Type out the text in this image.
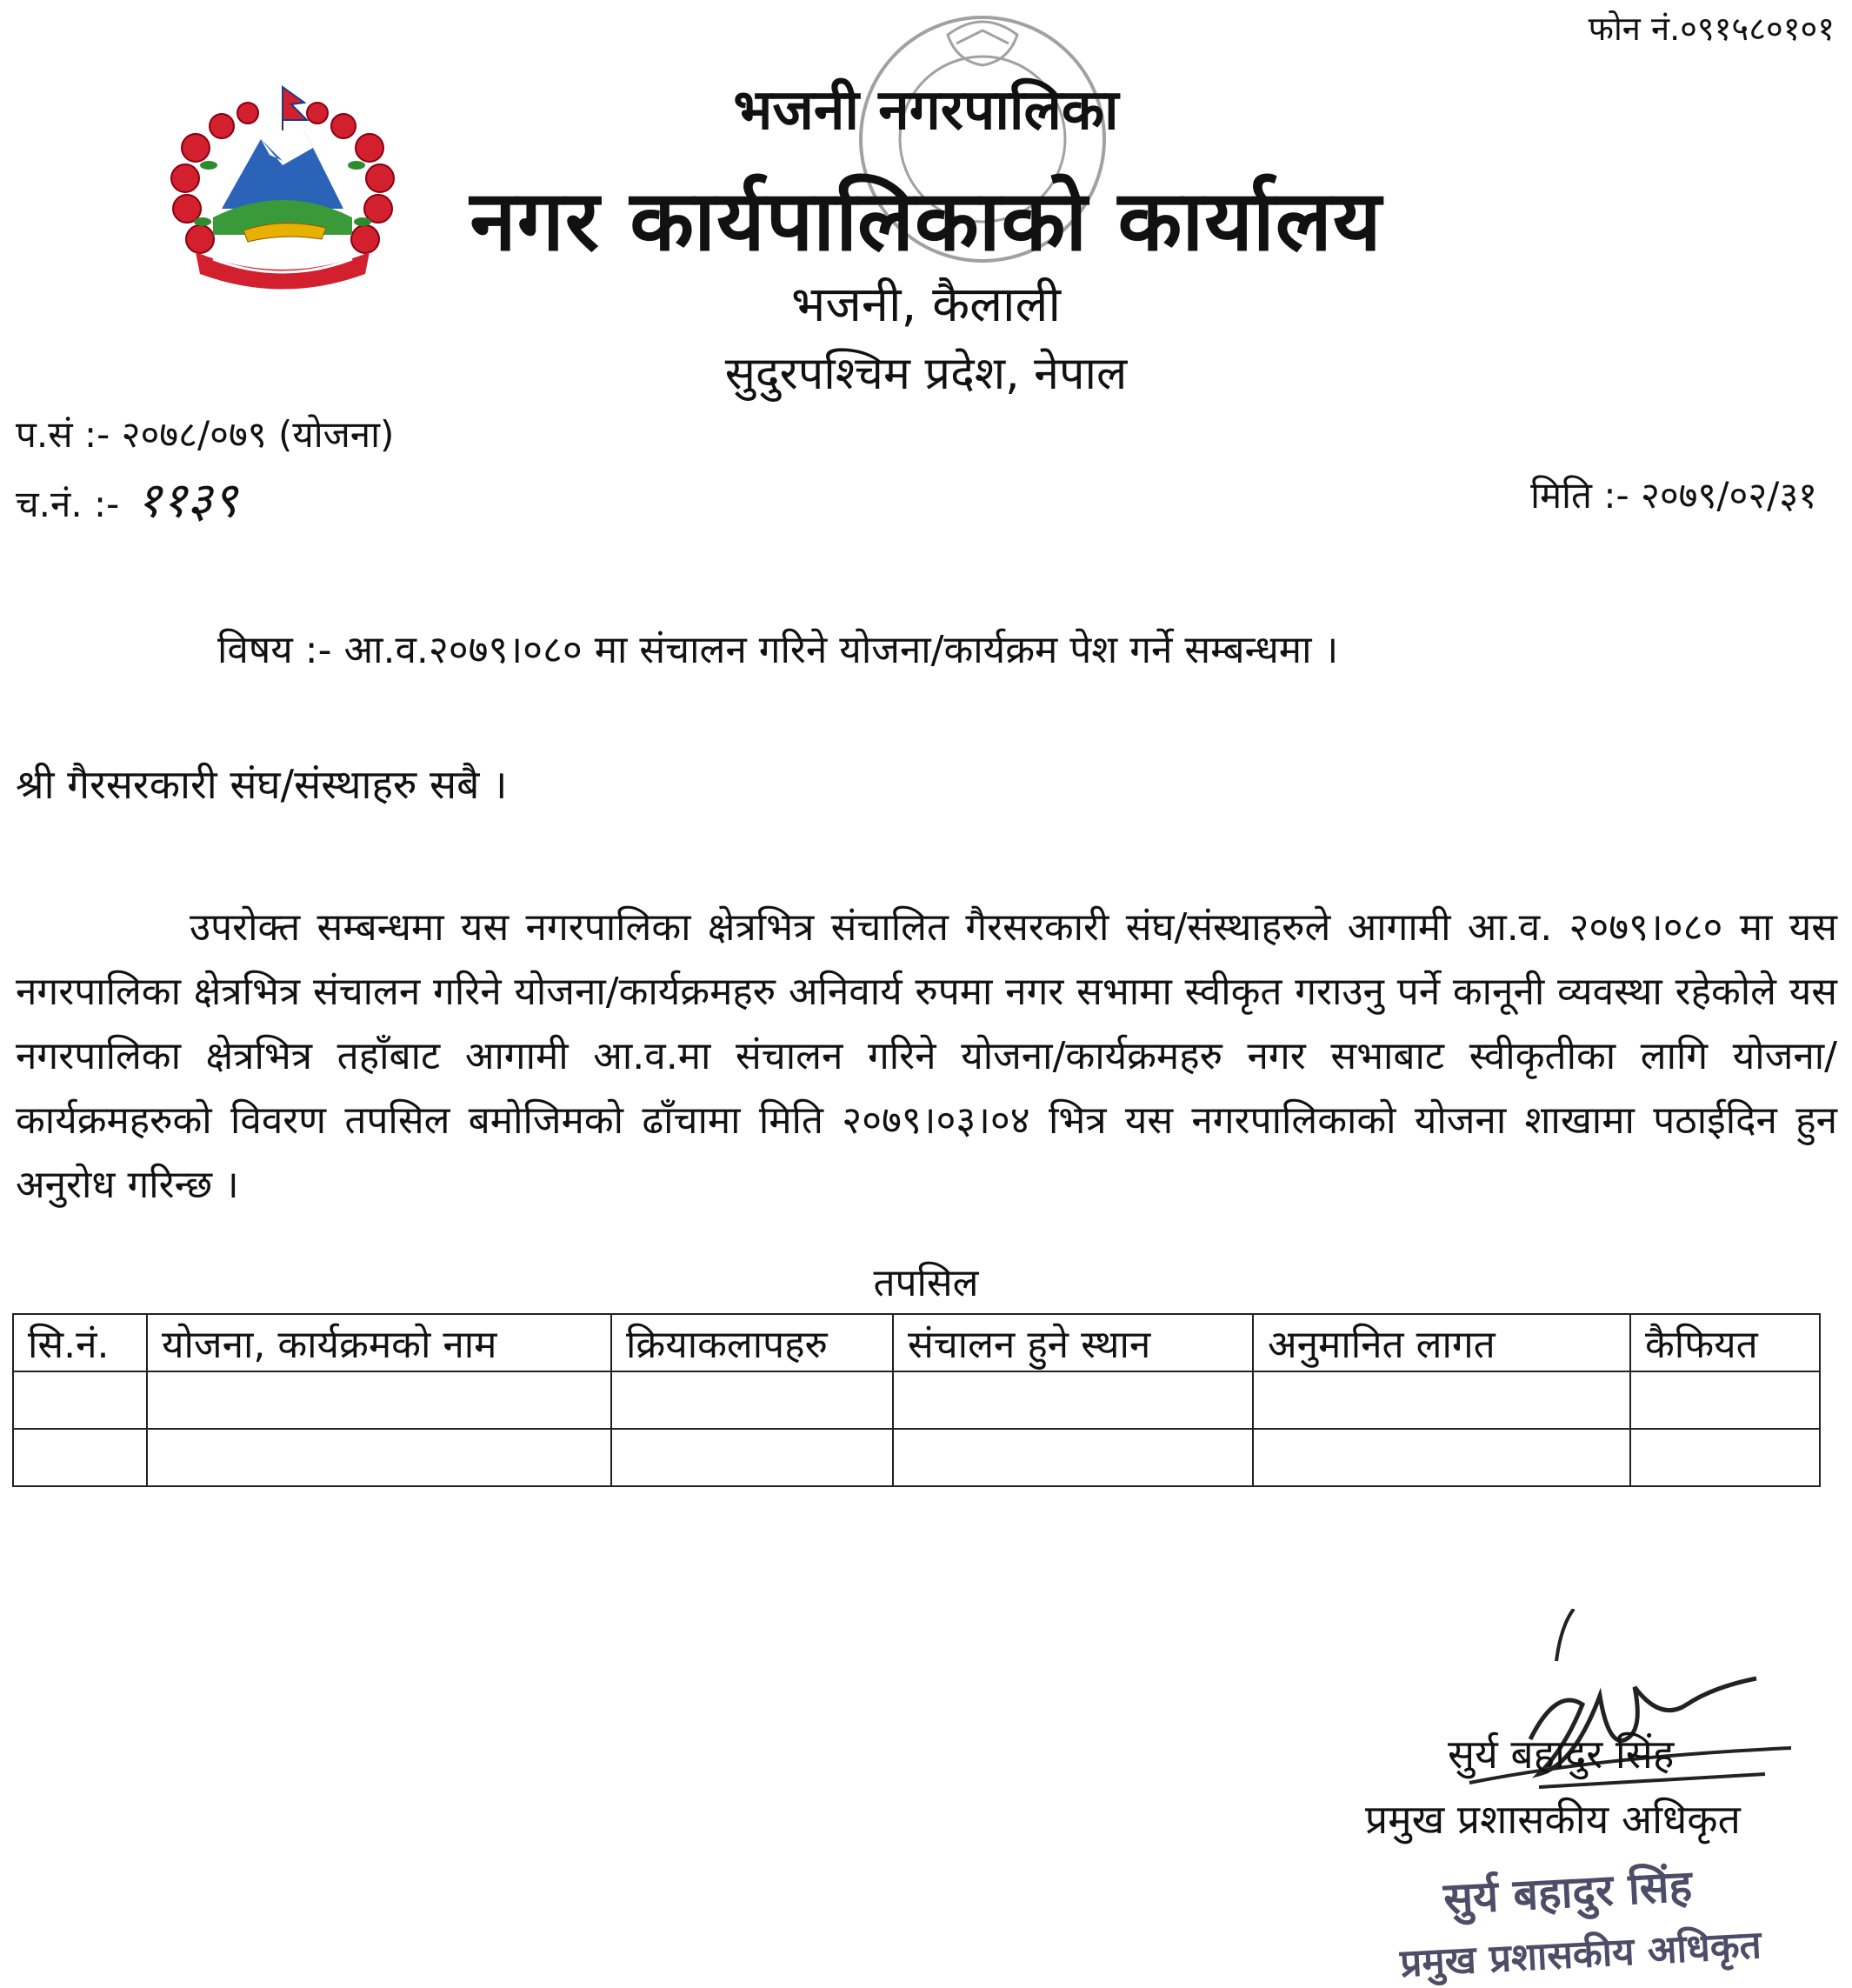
फोन नं.०९१५८०१०१
भजनी नगरपालिका
नगर कार्यपालिकाको कार्यालय
भजनी, कैलाली
सुदुरपश्चिम प्रदेश, नेपाल
प.सं :- २०७८/०७९ (योजना)
च.नं. :- ११३९	मिति :- २०७९/०२/३१
विषय :- आ.व.२०७९।०८० मा संचालन गरिने योजना/कार्यक्रम पेश गर्ने सम्बन्धमा ।
श्री गैरसरकारी संघ/संस्थाहरु सबै ।
उपरोक्त सम्बन्धमा यस नगरपालिका क्षेत्रभित्र संचालित गैरसरकारी संघ/संस्थाहरुले आगामी आ.व. २०७९।०८० मा यस नगरपालिका क्षेत्रभित्र संचालन गरिने योजना/कार्यक्रमहरु अनिवार्य रुपमा नगर सभामा स्वीकृत गराउनु पर्ने कानूनी व्यवस्था रहेकोले यस नगरपालिका क्षेत्रभित्र तहाँबाट आगामी आ.व.मा संचालन गरिने योजना/कार्यक्रमहरु नगर सभाबाट स्वीकृतीका लागि योजना/कार्यक्रमहरुको विवरण तपसिल बमोजिमको ढाँचामा मिति २०७९।०३।०४ भित्र यस नगरपालिकाको योजना शाखामा पठाईदिन हुन अनुरोध गरिन्छ ।
तपसिल
सि.नं.	योजना, कार्यक्रमको नाम	क्रियाकलापहरु	संचालन हुने स्थान	अनुमानित लागत	कैफियत

सुर्य बहादुर सिंह
प्रमुख प्रशासकीय अधिकृत
सुर्य बहादुर सिंह
प्रमुख प्रशासकीय अधिकृत
